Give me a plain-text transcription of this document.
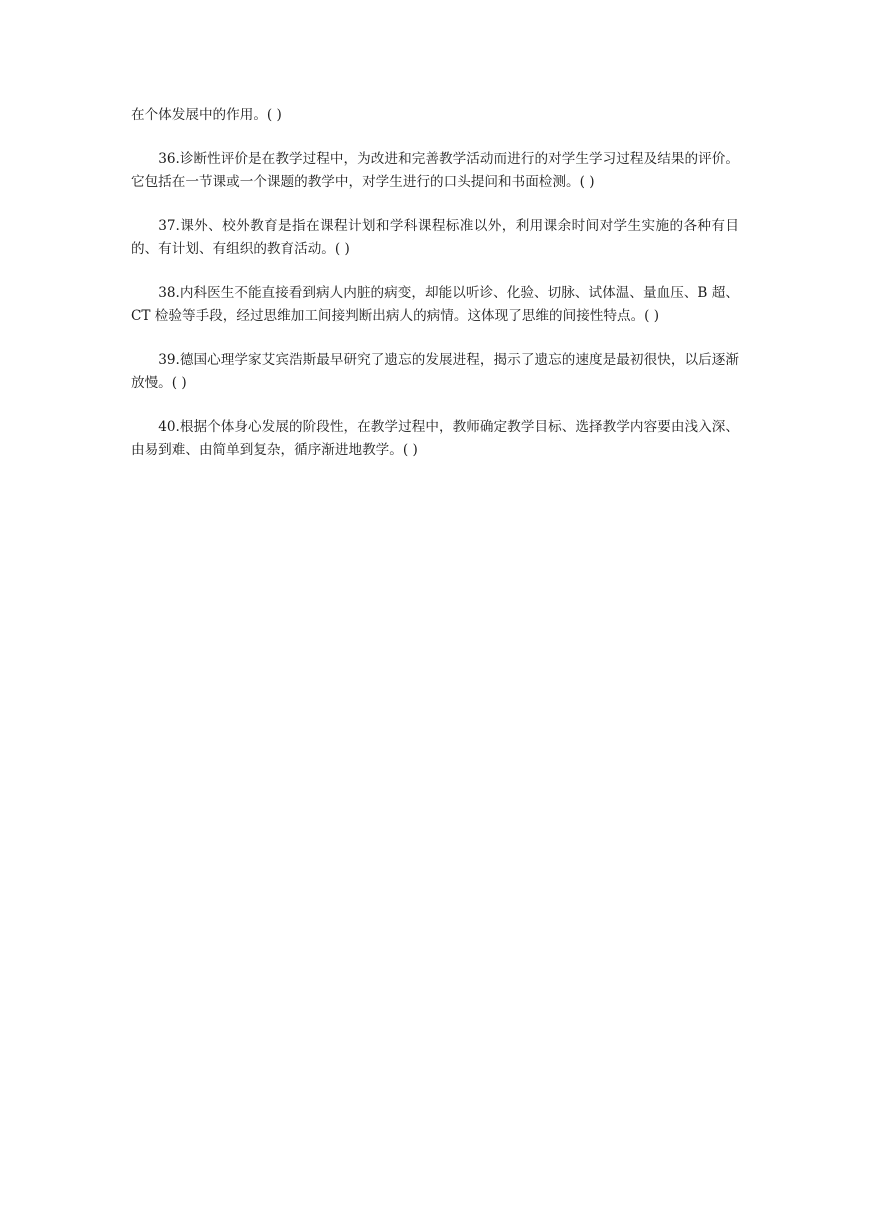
在个体发展中的作用。( )

36.诊断性评价是在教学过程中，为改进和完善教学活动而进行的对学生学习过程及结果的评价。它包括在一节课或一个课题的教学中，对学生进行的口头提问和书面检测。( )

37.课外、校外教育是指在课程计划和学科课程标准以外，利用课余时间对学生实施的各种有目的、有计划、有组织的教育活动。( )

38.内科医生不能直接看到病人内脏的病变，却能以听诊、化验、切脉、试体温、量血压、B 超、CT 检验等手段，经过思维加工间接判断出病人的病情。这体现了思维的间接性特点。( )

39.德国心理学家艾宾浩斯最早研究了遗忘的发展进程，揭示了遗忘的速度是最初很快，以后逐渐放慢。( )

40.根据个体身心发展的阶段性，在教学过程中，教师确定教学目标、选择教学内容要由浅入深、由易到难、由简单到复杂，循序渐进地教学。( )
